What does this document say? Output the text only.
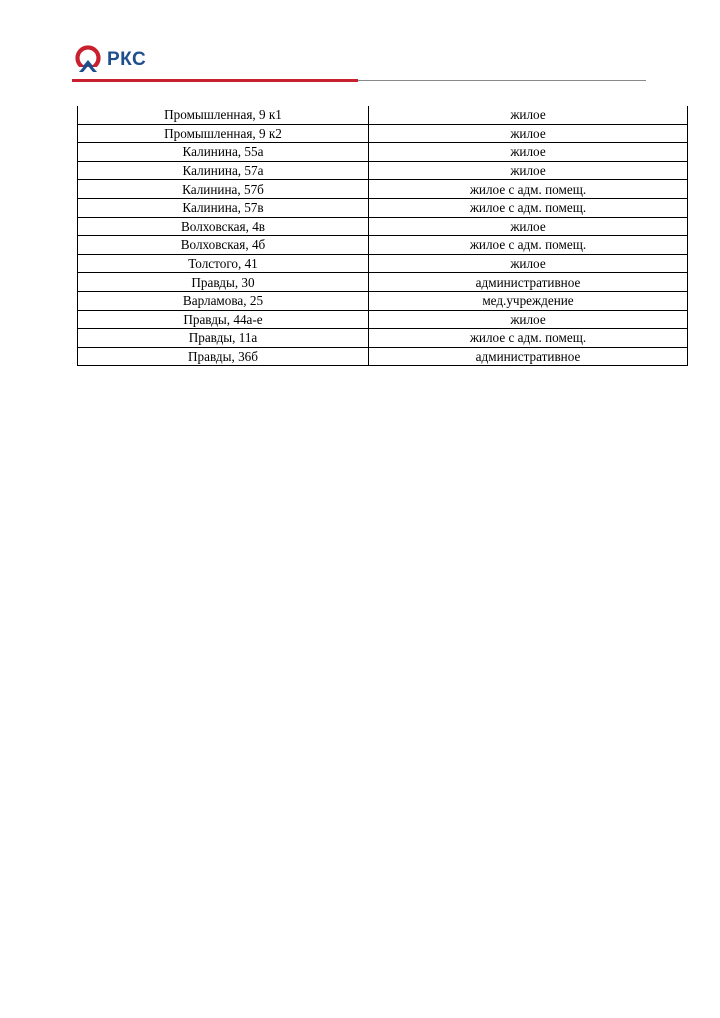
РКС
Промышленная, 9 к1	жилое
Промышленная, 9 к2	жилое
Калинина, 55а	жилое
Калинина, 57а	жилое
Калинина, 57б	жилое с адм. помещ.
Калинина, 57в	жилое с адм. помещ.
Волховская, 4в	жилое
Волховская, 4б	жилое с адм. помещ.
Толстого, 41	жилое
Правды, 30	административное
Варламова, 25	мед.учреждение
Правды, 44а-е	жилое
Правды, 11а	жилое с адм. помещ.
Правды, 36б	административное
